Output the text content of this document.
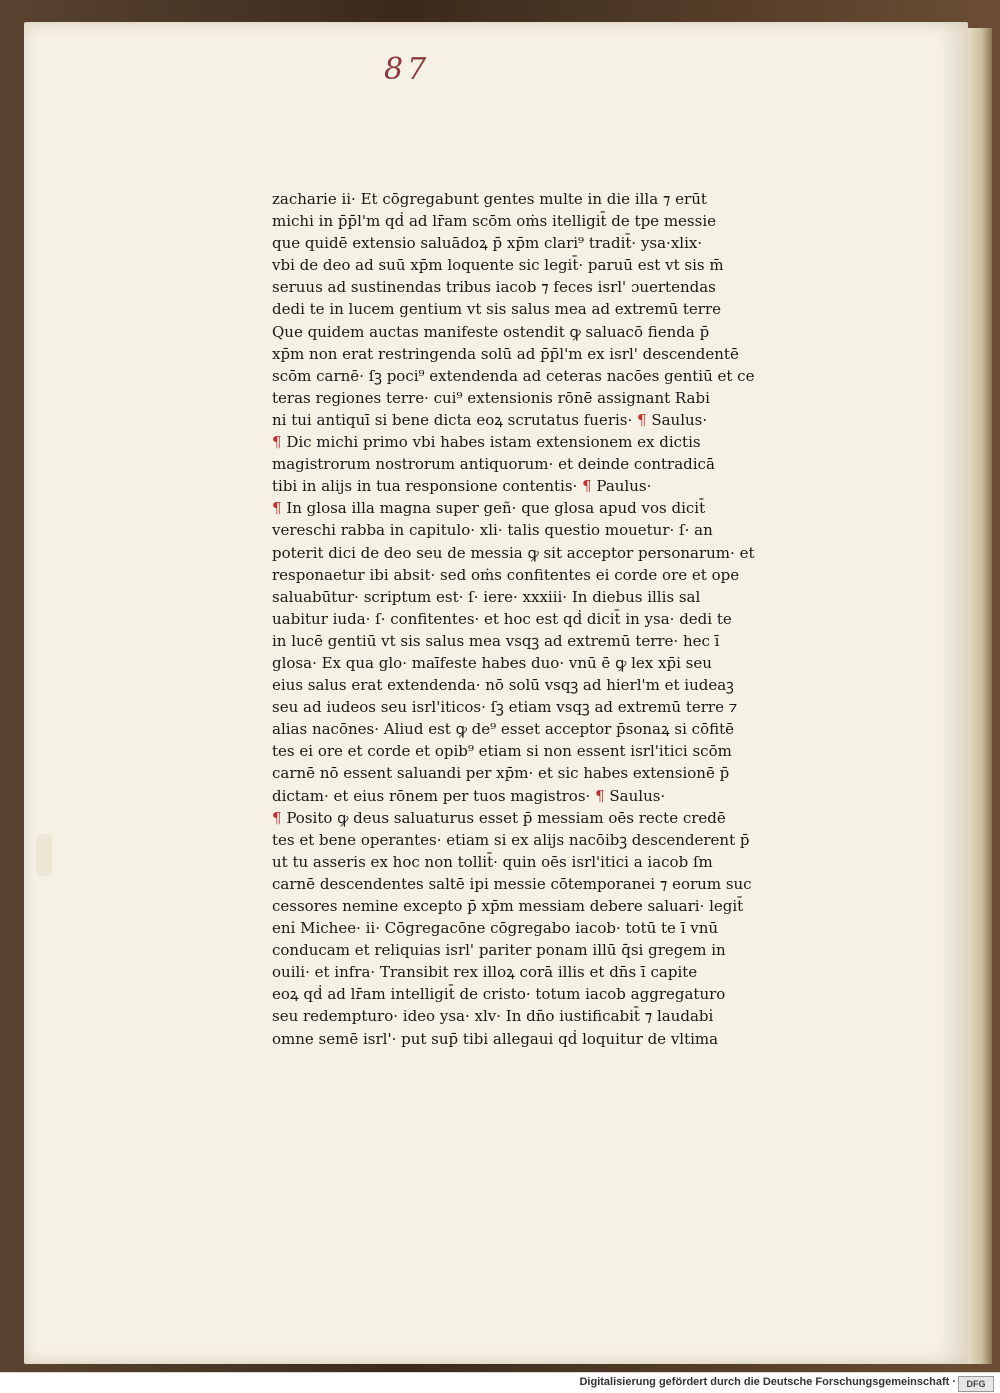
87
zacharie ii· Et cōgregabunt gentes multe in die illa ⁊ erūt
michi in p̄p̄l'm qḋ ad lr̄am scōm oṁs itelligit̄ de tpe messie
que quidē extensio saluādoꝝ p̄ xp̄m clari⁹ tradit̄· ysa·xlix·
vbi de deo ad suū xp̄m loquente sic legit̄· paruū est vt sis m̄
seruus ad sustinendas tribus iacob ⁊ feces isrl' ɔuertendas
dedi te in lucem gentium vt sis salus mea ad extremū terre
Que quidem auctas manifeste ostendit ꝙ saluacō fienda p̄
xp̄m non erat restringenda solū ad p̄p̄l'm ex isrl' descendentē
scōm carnē· ſꝫ poci⁹ extendenda ad ceteras nacōes gentiū et ce
teras regiones terre· cui⁹ extensionis rōnē assignant Rabi
ni tui antiquī si bene dicta eoꝝ scrutatus fueris· ¶ Saulus·
¶ Dic michi primo vbi habes istam extensionem ex dictis
magistrorum nostrorum antiquorum· et deinde contradicā
tibi in alijs in tua responsione contentis· ¶ Paulus·
¶ In glosa illa magna super geñ· que glosa apud vos dicit̄
vereschi rabba in capitulo· xli· talis questio mouetur· ſ· an
poterit dici de deo seu de messia ꝙ sit acceptor personarum· et
responaetur ibi absit· sed oṁs confitentes ei corde ore et ope
saluabūtur· scriptum est· ſ· iere· xxxiii· In diebus illis sal
uabitur iuda· ſ· confitentes· et hoc est qḋ dicit̄ in ysa· dedi te
in lucē gentiū vt sis salus mea vsqꝫ ad extremū terre· hec ī
glosa· Ex qua glo· maīfeste habes duo· vnū ē ꝙ lex xp̄i seu
eius salus erat extendenda· nō solū vsqꝫ ad hierl'm et iudeaꝫ
seu ad iudeos seu isrl'iticos· ſꝫ etiam vsqꝫ ad extremū terre ⁊
alias nacōnes· Aliud est ꝙ de⁹ esset acceptor p̄sonaꝝ si cōfitē
tes ei ore et corde et opib⁹ etiam si non essent isrl'itici scōm
carnē nō essent saluandi per xp̄m· et sic habes extensionē p̄
dictam· et eius rōnem per tuos magistros· ¶ Saulus·
¶ Posito ꝙ deus saluaturus esset p̄ messiam oēs recte credē
tes et bene operantes· etiam si ex alijs nacōibꝫ descenderent p̄
ut tu asseris ex hoc non tollit̄· quin oēs isrl'itici a iacob ſm
carnē descendentes saltē ipi messie cōtemporanei ⁊ eorum suc
cessores nemine excepto p̄ xp̄m messiam debere saluari· legit̄
eni̇ Michee· ii· Cōgregacōne cōgregabo iacob· totū te ī vnū
conducam et reliquias isrl' pariter ponam illū q̄si gregem in
ouili· et infra· Transibit rex illoꝝ corā illis et dn̄s ī capite
eoꝝ qḋ ad lr̄am intelligit̄ de cristo· totum iacob aggregaturo
seu redempturo· ideo ysa· xlv· In dn̄o iustificabit̄ ⁊ laudabi̇
omne semē isrl'· put sup̄ tibi allegaui qḋ loquitur de vltima
Digitalisierung gefördert durch die Deutsche Forschungsgemeinschaft ·	DFG
